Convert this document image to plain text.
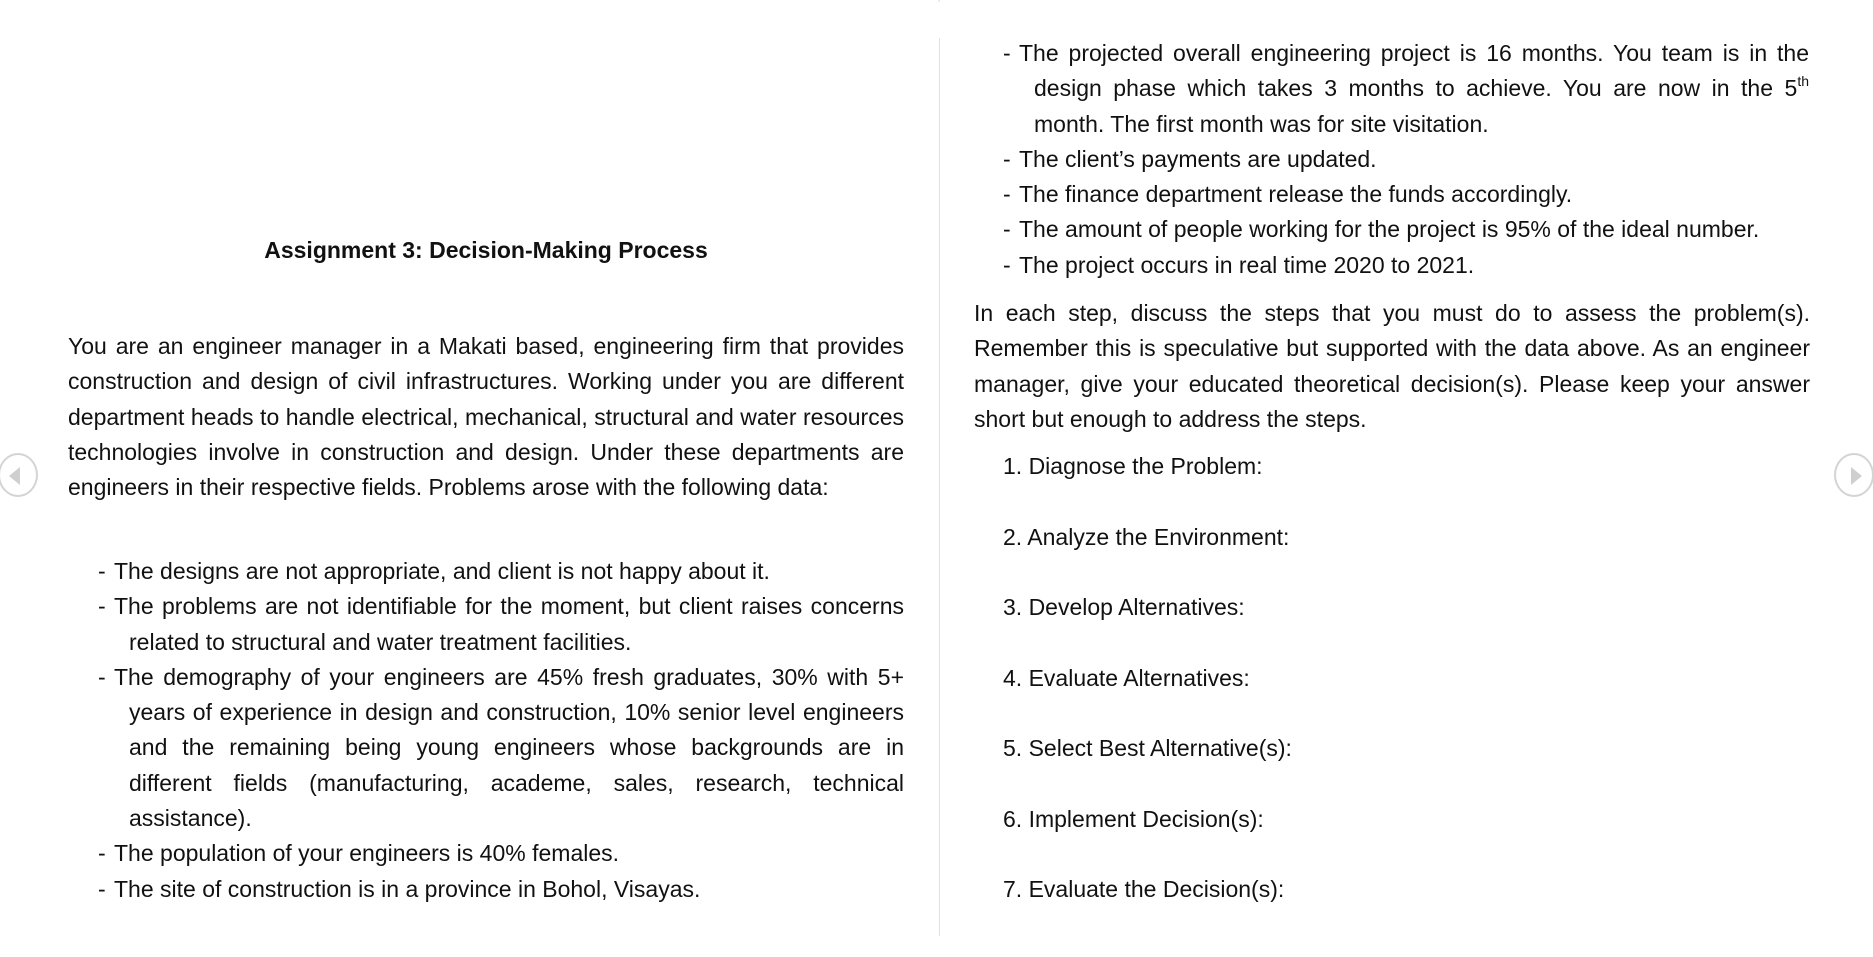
Assignment 3: Decision-Making Process

You are an engineer manager in a Makati based, engineering firm that provides construction and design of civil infrastructures. Working under you are different department heads to handle electrical, mechanical, structural and water resources technologies involve in construction and design. Under these departments are engineers in their respective fields. Problems arose with the following data:

- The designs are not appropriate, and client is not happy about it.
- The problems are not identifiable for the moment, but client raises concerns related to structural and water treatment facilities.
- The demography of your engineers are 45% fresh graduates, 30% with 5+ years of experience in design and construction, 10% senior level engineers and the remaining being young engineers whose backgrounds are in different fields (manufacturing, academe, sales, research, technical assistance).
- The population of your engineers is 40% females.
- The site of construction is in a province in Bohol, Visayas.
- The projected overall engineering project is 16 months. You team is in the design phase which takes 3 months to achieve. You are now in the 5th month. The first month was for site visitation.
- The client’s payments are updated.
- The finance department release the funds accordingly.
- The amount of people working for the project is 95% of the ideal number.
- The project occurs in real time 2020 to 2021.

In each step, discuss the steps that you must do to assess the problem(s). Remember this is speculative but supported with the data above. As an engineer manager, give your educated theoretical decision(s). Please keep your answer short but enough to address the steps.

1. Diagnose the Problem:
2. Analyze the Environment:
3. Develop Alternatives:
4. Evaluate Alternatives:
5. Select Best Alternative(s):
6. Implement Decision(s):
7. Evaluate the Decision(s):
